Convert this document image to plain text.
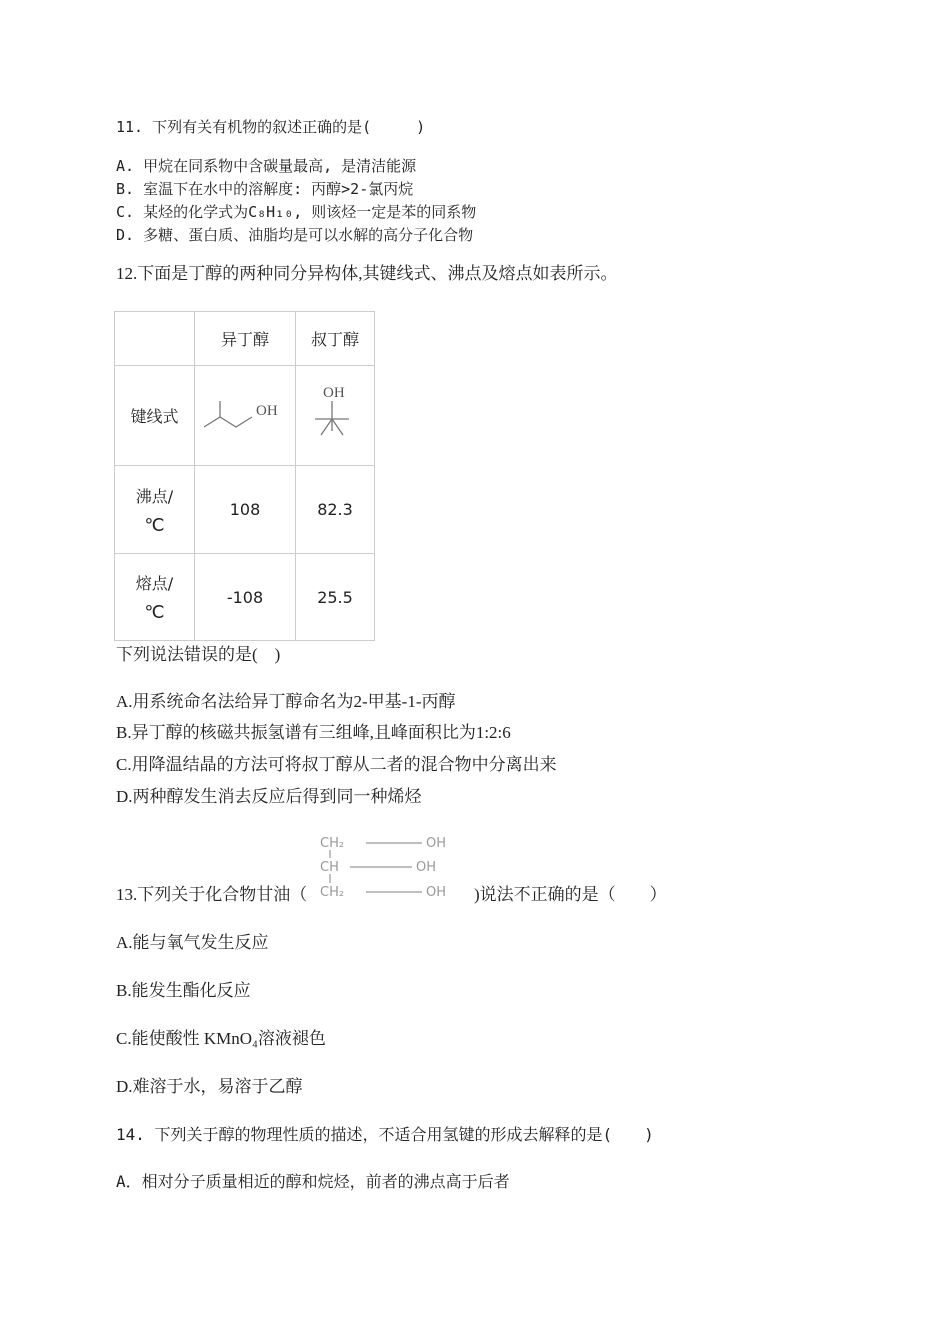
11. 下列有关有机物的叙述正确的是(　　　)
A. 甲烷在同系物中含碳量最高, 是清洁能源
B. 室温下在水中的溶解度: 丙醇>2-氯丙烷
C. 某烃的化学式为C₈H₁₀, 则该烃一定是苯的同系物
D. 多糖、蛋白质、油脂均是可以水解的高分子化合物
12.下面是丁醇的两种同分异构体,其键线式、沸点及熔点如表所示。
	异丁醇	叔丁醇
键线式	OH	OH

沸点/
℃	108	82.3
熔点/
℃	-108	25.5
下列说法错误的是(　)
A.用系统命名法给异丁醇命名为2-甲基-1-丙醇
B.异丁醇的核磁共振氢谱有三组峰,且峰面积比为1:2:6
C.用降温结晶的方法可将叔丁醇从二者的混合物中分离出来
D.两种醇发生消去反应后得到同一种烯烃
13.下列关于化合物甘油（
CH₂
CH
CH₂
OH
OH
OH )说法不正确的是（　　）
A.能与氧气发生反应
B.能发生酯化反应
C.能使酸性 KMnO₄溶液褪色
D.难溶于水，易溶于乙醇
14. 下列关于醇的物理性质的描述，不适合用氢键的形成去解释的是(　　)
A．相对分子质量相近的醇和烷烃，前者的沸点高于后者
